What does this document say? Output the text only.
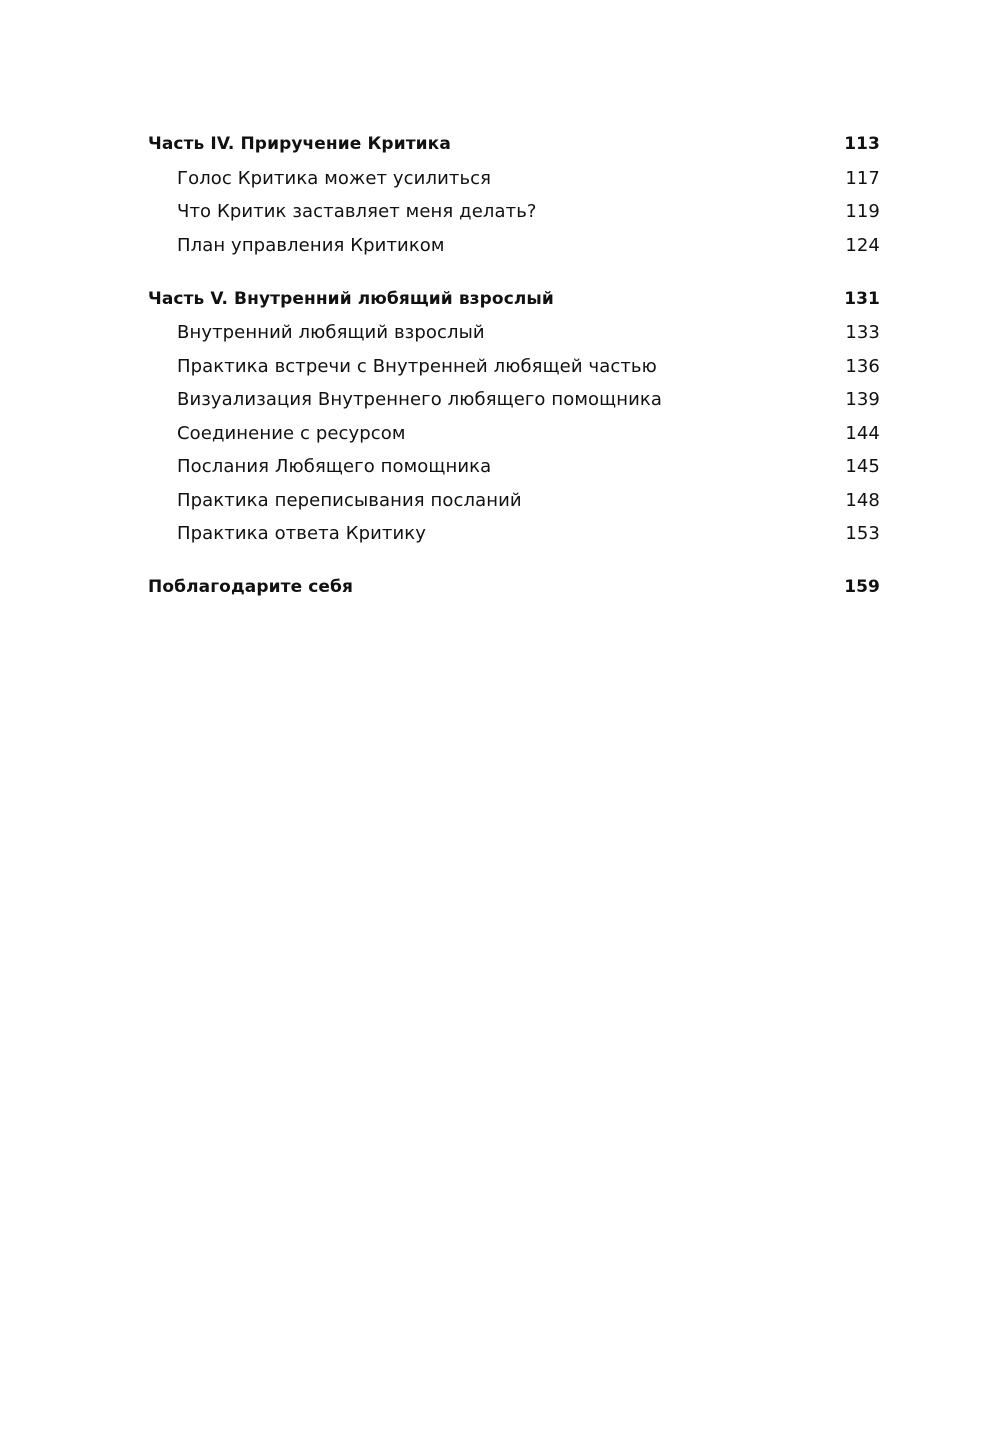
Часть IV. Приручение Критика	113
Голос Критика может усилиться	117
Что Критик заставляет меня делать?	119
План управления Критиком	124
Часть V. Внутренний любящий взрослый	131
Внутренний любящий взрослый	133
Практика встречи с Внутренней любящей частью	136
Визуализация Внутреннего любящего помощника	139
Соединение с ресурсом	144
Послания Любящего помощника	145
Практика переписывания посланий	148
Практика ответа Критику	153
Поблагодарите себя	159
